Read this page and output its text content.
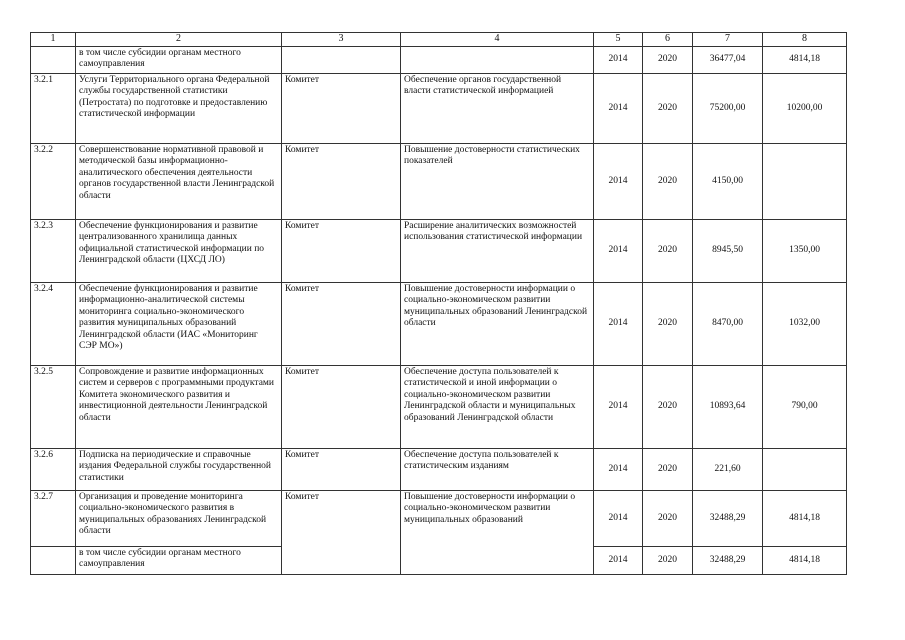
1	2	3	4	5	6	7	8
	в том числе субсидии органам местного самоуправления			2014	2020	36477,04	4814,18
3.2.1	Услуги Территориального органа Федеральной службы государственной статистики (Петростата) по подготовке и предоставлению статистической информации	Комитет	Обеспечение органов государственной власти статистической информацией	2014	2020	75200,00	10200,00
3.2.2	Совершенствование нормативной правовой и методической базы информационно-аналитического обеспечения деятельности органов государственной власти Ленинградской области	Комитет	Повышение достоверности статистических показателей	2014	2020	4150,00	
3.2.3	Обеспечение функционирования и развитие централизованного хранилища данных официальной статистической информации по Ленинградской области (ЦХСД ЛО)	Комитет	Расширение аналитических возможностей использования статистической информации	2014	2020	8945,50	1350,00
3.2.4	Обеспечение функционирования и развитие информационно-аналитической системы мониторинга социально-экономического развития муниципальных образований Ленинградской области (ИАС «Мониторинг СЭР МО»)	Комитет	Повышение достоверности информации о социально-экономическом развитии муниципальных образований Ленинградской области	2014	2020	8470,00	1032,00
3.2.5	Сопровождение и развитие информационных систем и серверов с программными продуктами Комитета экономического развития и инвестиционной деятельности Ленинградской области	Комитет	Обеспечение доступа пользователей к статистической и иной информации о социально-экономическом развитии Ленинградской области и муниципальных образований Ленинградской области	2014	2020	10893,64	790,00
3.2.6	Подписка на периодические и справочные издания Федеральной службы государственной статистики	Комитет	Обеспечение доступа пользователей к статистическим изданиям	2014	2020	221,60	
3.2.7	Организация и проведение мониторинга социально-экономического развития в муниципальных образованиях Ленинградской области	Комитет	Повышение достоверности информации о социально-экономическом развитии муниципальных образований	2014	2020	32488,29	4814,18
	в том числе субсидии органам местного самоуправления			2014	2020	32488,29	4814,18
